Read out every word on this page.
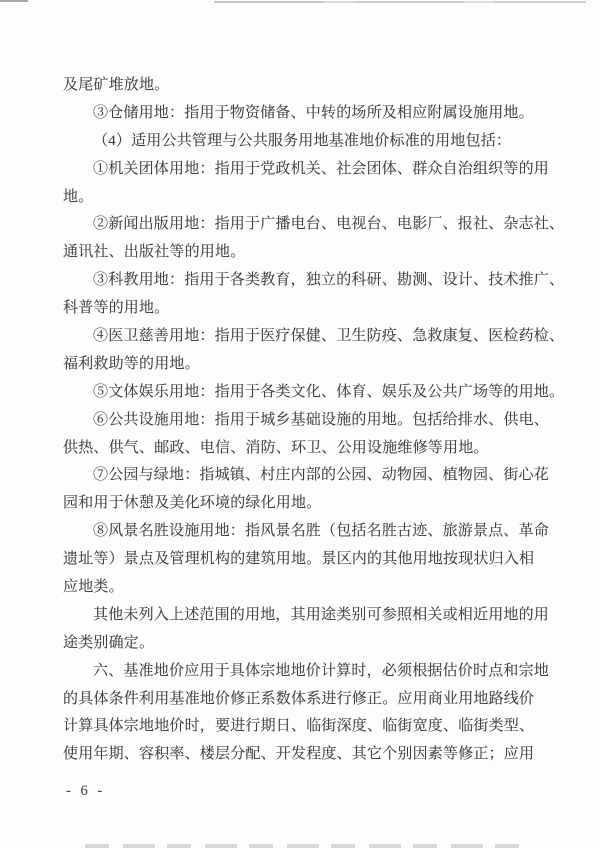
及尾矿堆放地。
③仓储用地：指用于物资储备、中转的场所及相应附属设施用地。
（4）适用公共管理与公共服务用地基准地价标准的用地包括：
①机关团体用地：指用于党政机关、社会团体、群众自治组织等的用
地。
②新闻出版用地：指用于广播电台、电视台、电影厂、报社、杂志社、
通讯社、出版社等的用地。
③科教用地：指用于各类教育，独立的科研、勘测、设计、技术推广、
科普等的用地。
④医卫慈善用地：指用于医疗保健、卫生防疫、急救康复、医检药检、
福利救助等的用地。
⑤文体娱乐用地：指用于各类文化、体育、娱乐及公共广场等的用地。
⑥公共设施用地：指用于城乡基础设施的用地。包括给排水、供电、
供热、供气、邮政、电信、消防、环卫、公用设施维修等用地。
⑦公园与绿地：指城镇、村庄内部的公园、动物园、植物园、街心花
园和用于休憩及美化环境的绿化用地。
⑧风景名胜设施用地：指风景名胜（包括名胜古迹、旅游景点、革命
遗址等）景点及管理机构的建筑用地。景区内的其他用地按现状归入相
应地类。
其他未列入上述范围的用地，其用途类别可参照相关或相近用地的用
途类别确定。
六、基准地价应用于具体宗地地价计算时，必须根据估价时点和宗地
的具体条件利用基准地价修正系数体系进行修正。应用商业用地路线价
计算具体宗地地价时，要进行期日、临街深度、临街宽度、临街类型、
使用年期、容积率、楼层分配、开发程度、其它个别因素等修正；应用
- 6 -
